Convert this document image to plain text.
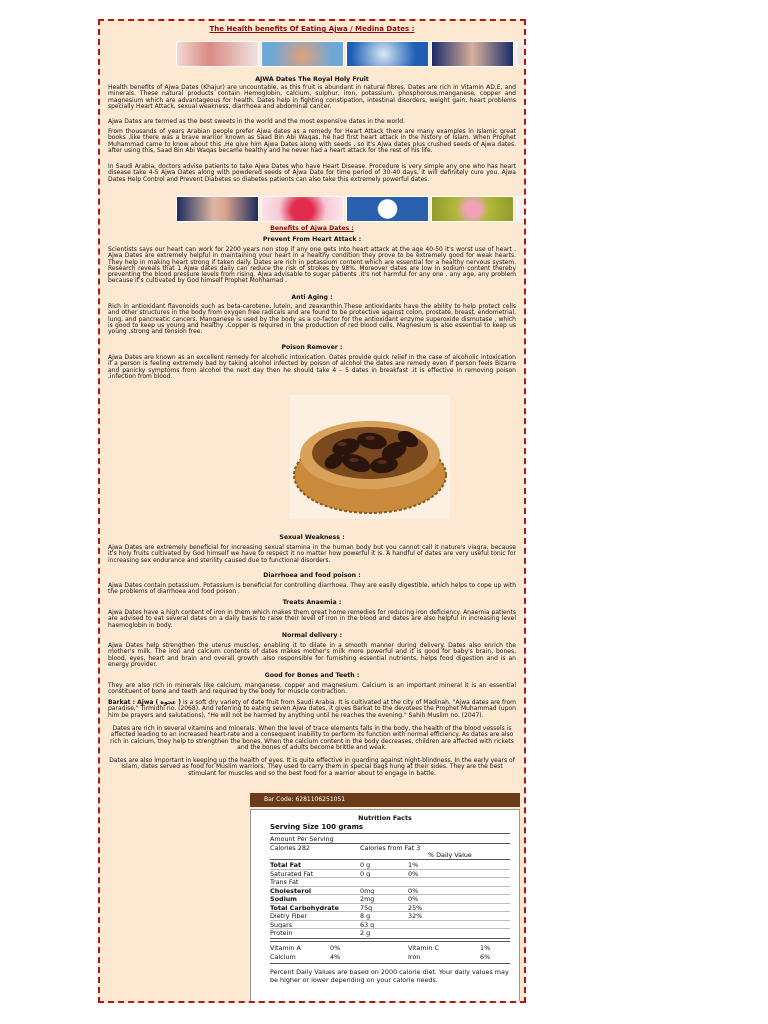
The Health benefits Of Eating Ajwa / Medina Dates :
AJWA Dates The Royal Holy Fruit

Health benefits of Ajwa Dates (Khajur) are uncountable, as this fruit is abundant in natural fibres. Dates are rich in Vitamin AD,E, and minerals. These natural products contain Hemoglobin, calcium, sulphur, iron, potassium, phosphorous,manganese, copper and magnesium which are advantageous for health. Dates help in fighting constipation, intestinal disorders, weight gain, heart problems specially Heart Attack, sexual weakness, diarrhoea and abdominal cancer.

Ajwa Dates are termed as the best sweets in the world and the most expensive dates in the world.

From thousands of years Arabian people prefer Ajwa dates as a remedy for Heart Attack there are many examples in Islamic great books ,like there was a brave warrior known as Saad Bin Abi Waqas, he had first heart attack in the history of Islam. When Prophet Muhammad came to know about this ,He give him Ajwa Dates along with seeds , so it's Ajwa dates plus crushed seeds of Ajwa dates. after using this, Saad Bin Abi Waqas became healthy and he never had a heart attack for the rest of his life.

In Saudi Arabia, doctors advise patients to take Ajwa Dates who have Heart Disease. Procedure is very simple any one who has heart disease take 4-5 Ajwa Dates along with powdered seeds of Ajwa Date for time period of 30-40 days, it will definitely cure you. Ajwa Dates Help Control and Prevent Diabetes so diabetes patients can also take this extremely powerful dates.

Benefits of Ajwa Dates :
Prevent From Heart Attack :

Scientists says our heart can work for 2200 years non stop if any one gets into heart attack at the age 40-50 it's worst use of heart . Ajwa Dates are extremely helpful in maintaining your heart in a healthy condition they prove to be extremely good for weak hearts. They help in making heart strong if taken daily. Dates are rich in potassium content which are essential for a healthy nervous system. Research reveals that 1 Ajwa dates daily can reduce the risk of strokes by 98%. Moreover dates are low in sodium content thereby preventing the blood pressure levels from rising. Ajwa advisable to sugar patients .it's not harmful for any one . any age, any problem because it's cultivated by God himself Prophet Mohhamad .

Anti Aging :

Rich in antioxidant flavonoids such as beta-carotene, lutein, and zeaxanthin.These antioxidants have the ability to help protect cells and other structures in the body from oxygen free radicals and are found to be protective against colon, prostate, breast, endometrial, lung, and pancreatic cancers. Manganese is used by the body as a co-factor for the antioxidant enzyme superoxide dismutase , which is good to keep us young and healthy .Copper is required in the production of red blood cells. Magnesium is also essential to keep us young ,strong and tension free.

Poison Remover :

Ajwa Dates are known as an excellent remedy for alcoholic intoxication. Dates provide quick relief in the case of alcoholic intoxication if a person is feeling extremely bad by taking alcohol infected by poison of alcohol the dates are remedy even if person feels Bizarre and panicky symptoms from alcohol the next day then he should take 4 – 5 dates in breakfast .it is effective in removing poison ,infection from blood.

Sexual Weakness :

Ajwa Dates are extremely beneficial for increasing sexual stamina in the human body but you cannot call it nature's viagra, because it's holy fruits cultivated by God himself we have to respect it no matter how powerful it is. A handful of dates are very useful tonic for increasing sex endurance and sterility caused due to functional disorders.

Diarrhoea and food poison :

Ajwa Dates contain potassium. Potassium is beneficial for controlling diarrhoea. They are easily digestible, which helps to cope up with the problems of diarrhoea and food poison .

Treats Anaemia :

Ajwa Dates have a high content of iron in them which makes them great home remedies for reducing iron deficiency. Anaemia patients are advised to eat several dates on a daily basis to raise their level of iron in the blood and dates are also helpful in increasing level haemoglobin in body.

Normal delivery :

Ajwa Dates help strengthen the uterus muscles, enabling it to dilate in a smooth manner during delivery. Dates also enrich the mother's milk. The iron and calcium contents of dates makes mother's milk more powerful and it is good for baby's brain, bones, blood, eyes, heart and brain and overall growth .also responsible for furnishing essential nutrients, helps food digestion and is an energy provider.

Good for Bones and Teeth :

They are also rich in minerals like calcium, manganese, copper and magnesium. Calcium is an important mineral it is an essential constituent of bone and teeth and required by the body for muscle contraction.

Barkat : Ajwa ( عجوه ) is a soft dry variety of date fruit from Saudi Arabia. It is cultivated at the city of Madinah. "Ajwa dates are from paradise," Tirmidhi no. (2068). And referring to eating seven Ajwa dates, it gives Barkat to the devotees the Prophet Muhammad (upon him be prayers and salutations), "He will not be harmed by anything until he reaches the evening." Sahih Muslim no. (2047).

Dates are rich in several vitamins and minerals. When the level of trace elements falls in the body, the health of the blood vessels is affected leading to an increased heart-rate and a consequent inability to perform its function with normal efficiency. As dates are also rich in calcium, they help to strengthen the bones. When the calcium content in the body decreases, children are affected with rickets and the bones of adults become brittle and weak.

Dates are also important in keeping up the health of eyes. It is quite effective in guarding against night-blindness. In the early years of Islam, dates served as food for Muslim warriors. They used to carry them in special bags hung at their sides. They are the best stimulant for muscles and so the best food for a warrior about to engage in battle.

Bar Code: 6281106251051
Nutrition Facts
Serving Size 100 grams
Amount Per Serving
Calories 282	Calories from Fat 3
% Daily Value
Total Fat	0 g	1%
Saturated Fat	0 g	0%
Trans Fat
Cholesterol	0mg	0%
Sodium	2mg	0%
Total Carbohydrate	75g	25%
Dietry Fiber	8 g	32%
Sugars	63 g
Protein	2 g
Vitamin A	0%	Vitamin C	1%
Calcium	4%	Iron	6%
Percent Daily Values are based on 2000 calorie diet. Your daily values may be higher or lower depending on your calorie needs.
